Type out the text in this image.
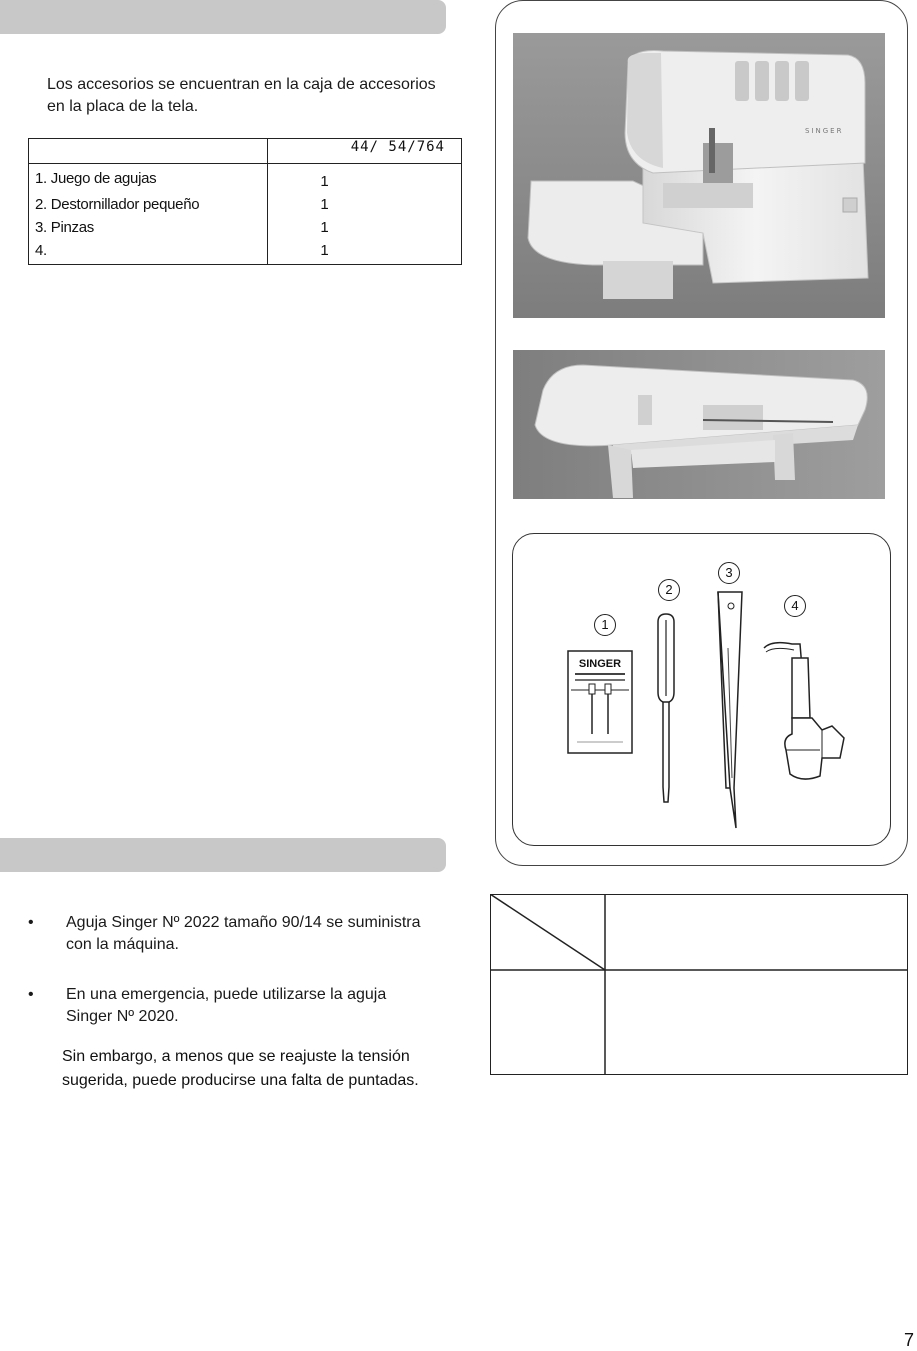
Los accesorios se encuentran en la caja de accesorios en la placa de la tela.
	44/ 54/764
1. Juego de agujas	1
2. Destornillador pequeño	1
3. Pinzas	1
4.	1
• Aguja Singer Nº 2022 tamaño 90/14 se suministra con la máquina.
• En una emergencia, puede utilizarse la aguja Singer Nº 2020.
Sin embargo, a menos que se reajuste la tensión sugerida, puede producirse una falta de puntadas.
SINGER
1
2
3
4
SINGER
7
